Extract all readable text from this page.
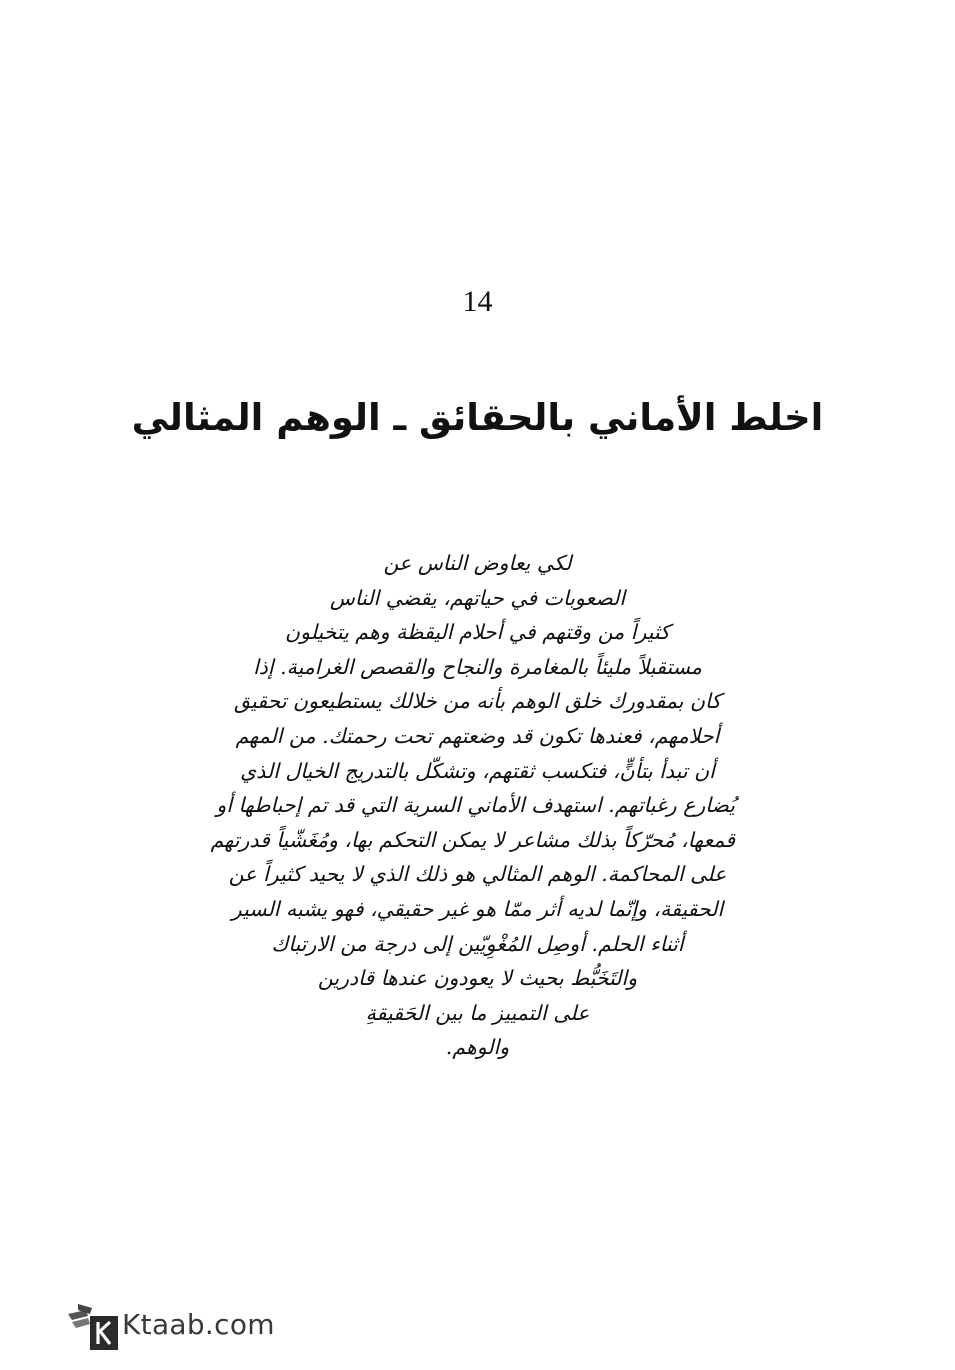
14
اخلط الأماني بالحقائق ـ الوهم المثالي
لكي يعاوض الناس عن
الصعوبات في حياتهم، يقضي الناس
كثيراً من وقتهم في أحلام اليقظة وهم يتخيلون
مستقبلاً مليئاً بالمغامرة والنجاح والقصص الغرامية. إذا
كان بمقدورك خلق الوهم بأنه من خلالك يستطيعون تحقيق
أحلامهم، فعندها تكون قد وضعتهم تحت رحمتك. من المهم
أن تبدأ بتأنٍّ، فتكسب ثقتهم، وتشكّل بالتدريج الخيال الذي
يُضارع رغباتهم. استهدف الأماني السرية التي قد تم إحباطها أو
قمعها، مُحرّكاً بذلك مشاعر لا يمكن التحكم بها، ومُغَشّياً قدرتهم
على المحاكمة. الوهم المثالي هو ذلك الذي لا يحيد كثيراً عن
الحقيقة، وإنّما لديه أثر ممّا هو غير حقيقي، فهو يشبه السير
أثناء الحلم. أوصِل المُغْوِيّين إلى درجة من الارتباك
والتَخَبُّط بحيث لا يعودون عندها قادرين
على التمييز ما بين الحَقيقةِ
والوهم.
Ktaab.com
